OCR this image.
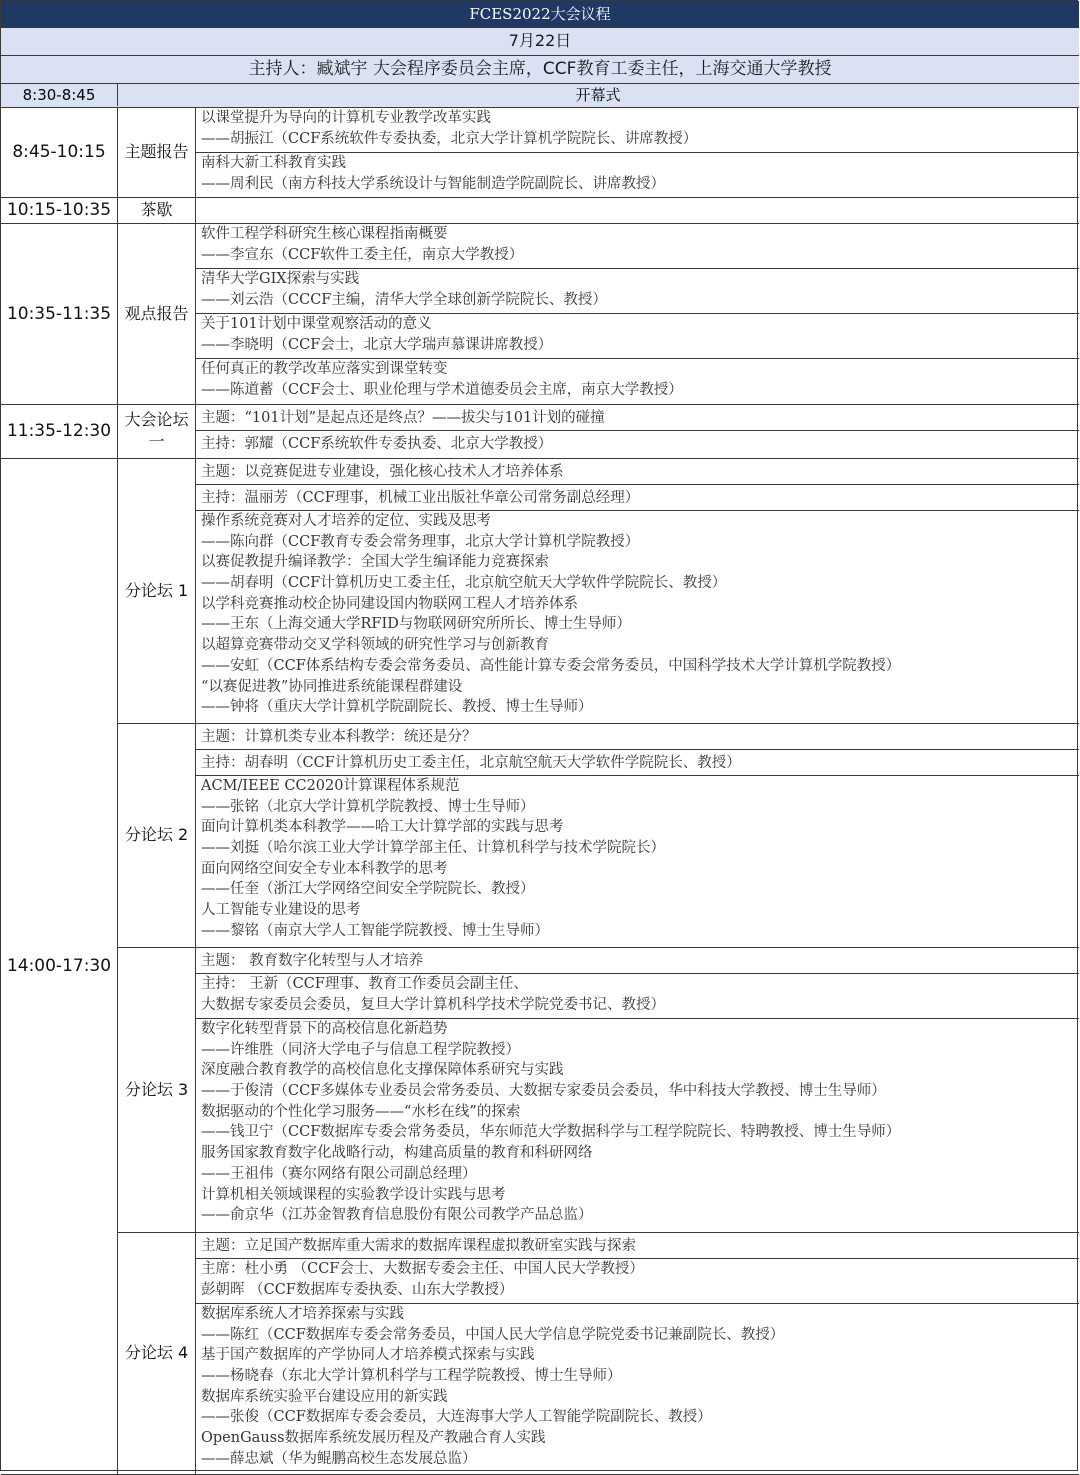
FCES2022大会议程
7月22日
主持人：臧斌宇 大会程序委员会主席，CCF教育工委主任，上海交通大学教授
8:30-8:45	开幕式
以课堂提升为导向的计算机专业教学改革实践
——胡振江（CCF系统软件专委执委，北京大学计算机学院院长、讲席教授）
南科大新工科教育实践
——周利民（南方科技大学系统设计与智能制造学院副院长、讲席教授）
主题报告
8:45-10:15
茶歇
10:15-10:35
软件工程学科研究生核心课程指南概要
——李宣东（CCF软件工委主任，南京大学教授）
清华大学GIX探索与实践
——刘云浩（CCCF主编，清华大学全球创新学院院长、教授）
关于101计划中课堂观察活动的意义
——李晓明（CCF会士，北京大学瑞声慕课讲席教授）
任何真正的教学改革应落实到课堂转变
——陈道蓄（CCF会士、职业伦理与学术道德委员会主席，南京大学教授）
观点报告
10:35-11:35
主题：“101计划”是起点还是终点？——拔尖与101计划的碰撞
主持：郭耀（CCF系统软件专委执委、北京大学教授）
大会论坛一
11:35-12:30
主题：以竞赛促进专业建设，强化核心技术人才培养体系
主持：温丽芳（CCF理事，机械工业出版社华章公司常务副总经理）
操作系统竞赛对人才培养的定位、实践及思考
——陈向群（CCF教育专委会常务理事，北京大学计算机学院教授）
以赛促教提升编译教学：全国大学生编译能力竞赛探索
——胡春明（CCF计算机历史工委主任，北京航空航天大学软件学院院长、教授）
以学科竞赛推动校企协同建设国内物联网工程人才培养体系
——王东（上海交通大学RFID与物联网研究所所长、博士生导师）
以超算竞赛带动交叉学科领域的研究性学习与创新教育
——安虹（CCF体系结构专委会常务委员、高性能计算专委会常务委员，中国科学技术大学计算机学院教授）
“以赛促进教”协同推进系统能课程群建设
——钟将（重庆大学计算机学院副院长、教授、博士生导师）
分论坛 1
主题：计算机类专业本科教学：统还是分？
主持：胡春明（CCF计算机历史工委主任，北京航空航天大学软件学院院长、教授）
ACM/IEEE CC2020计算课程体系规范
——张铭（北京大学计算机学院教授、博士生导师）
面向计算机类本科教学——哈工大计算学部的实践与思考
——刘挺（哈尔滨工业大学计算学部主任、计算机科学与技术学院院长）
面向网络空间安全专业本科教学的思考
——任奎（浙江大学网络空间安全学院院长、教授）
人工智能专业建设的思考
——黎铭（南京大学人工智能学院教授、博士生导师）
分论坛 2
主题： 教育数字化转型与人才培养
主持： 王新（CCF理事、教育工作委员会副主任、
大数据专家委员会委员，复旦大学计算机科学技术学院党委书记、教授）
数字化转型背景下的高校信息化新趋势
——许维胜（同济大学电子与信息工程学院教授）
深度融合教育教学的高校信息化支撑保障体系研究与实践
——于俊清（CCF多媒体专业委员会常务委员、大数据专家委员会委员，华中科技大学教授、博士生导师）
数据驱动的个性化学习服务——“水杉在线”的探索
——钱卫宁（CCF数据库专委会常务委员，华东师范大学数据科学与工程学院院长、特聘教授、博士生导师）
服务国家教育数字化战略行动，构建高质量的教育和科研网络
——王祖伟（赛尔网络有限公司副总经理）
计算机相关领域课程的实验教学设计实践与思考
——俞京华（江苏金智教育信息股份有限公司教学产品总监）
分论坛 3
主题：立足国产数据库重大需求的数据库课程虚拟教研室实践与探索
主席：杜小勇 （CCF会士、大数据专委会主任、中国人民大学教授）
彭朝晖 （CCF数据库专委执委、山东大学教授）
数据库系统人才培养探索与实践
——陈红（CCF数据库专委会常务委员，中国人民大学信息学院党委书记兼副院长、教授）
基于国产数据库的产学协同人才培养模式探索与实践
——杨晓春（东北大学计算机科学与工程学院教授、博士生导师）
数据库系统实验平台建设应用的新实践
——张俊（CCF数据库专委会委员，大连海事大学人工智能学院副院长、教授）
OpenGauss数据库系统发展历程及产教融合育人实践
——薛忠斌（华为鲲鹏高校生态发展总监）
分论坛 4
14:00-17:30
